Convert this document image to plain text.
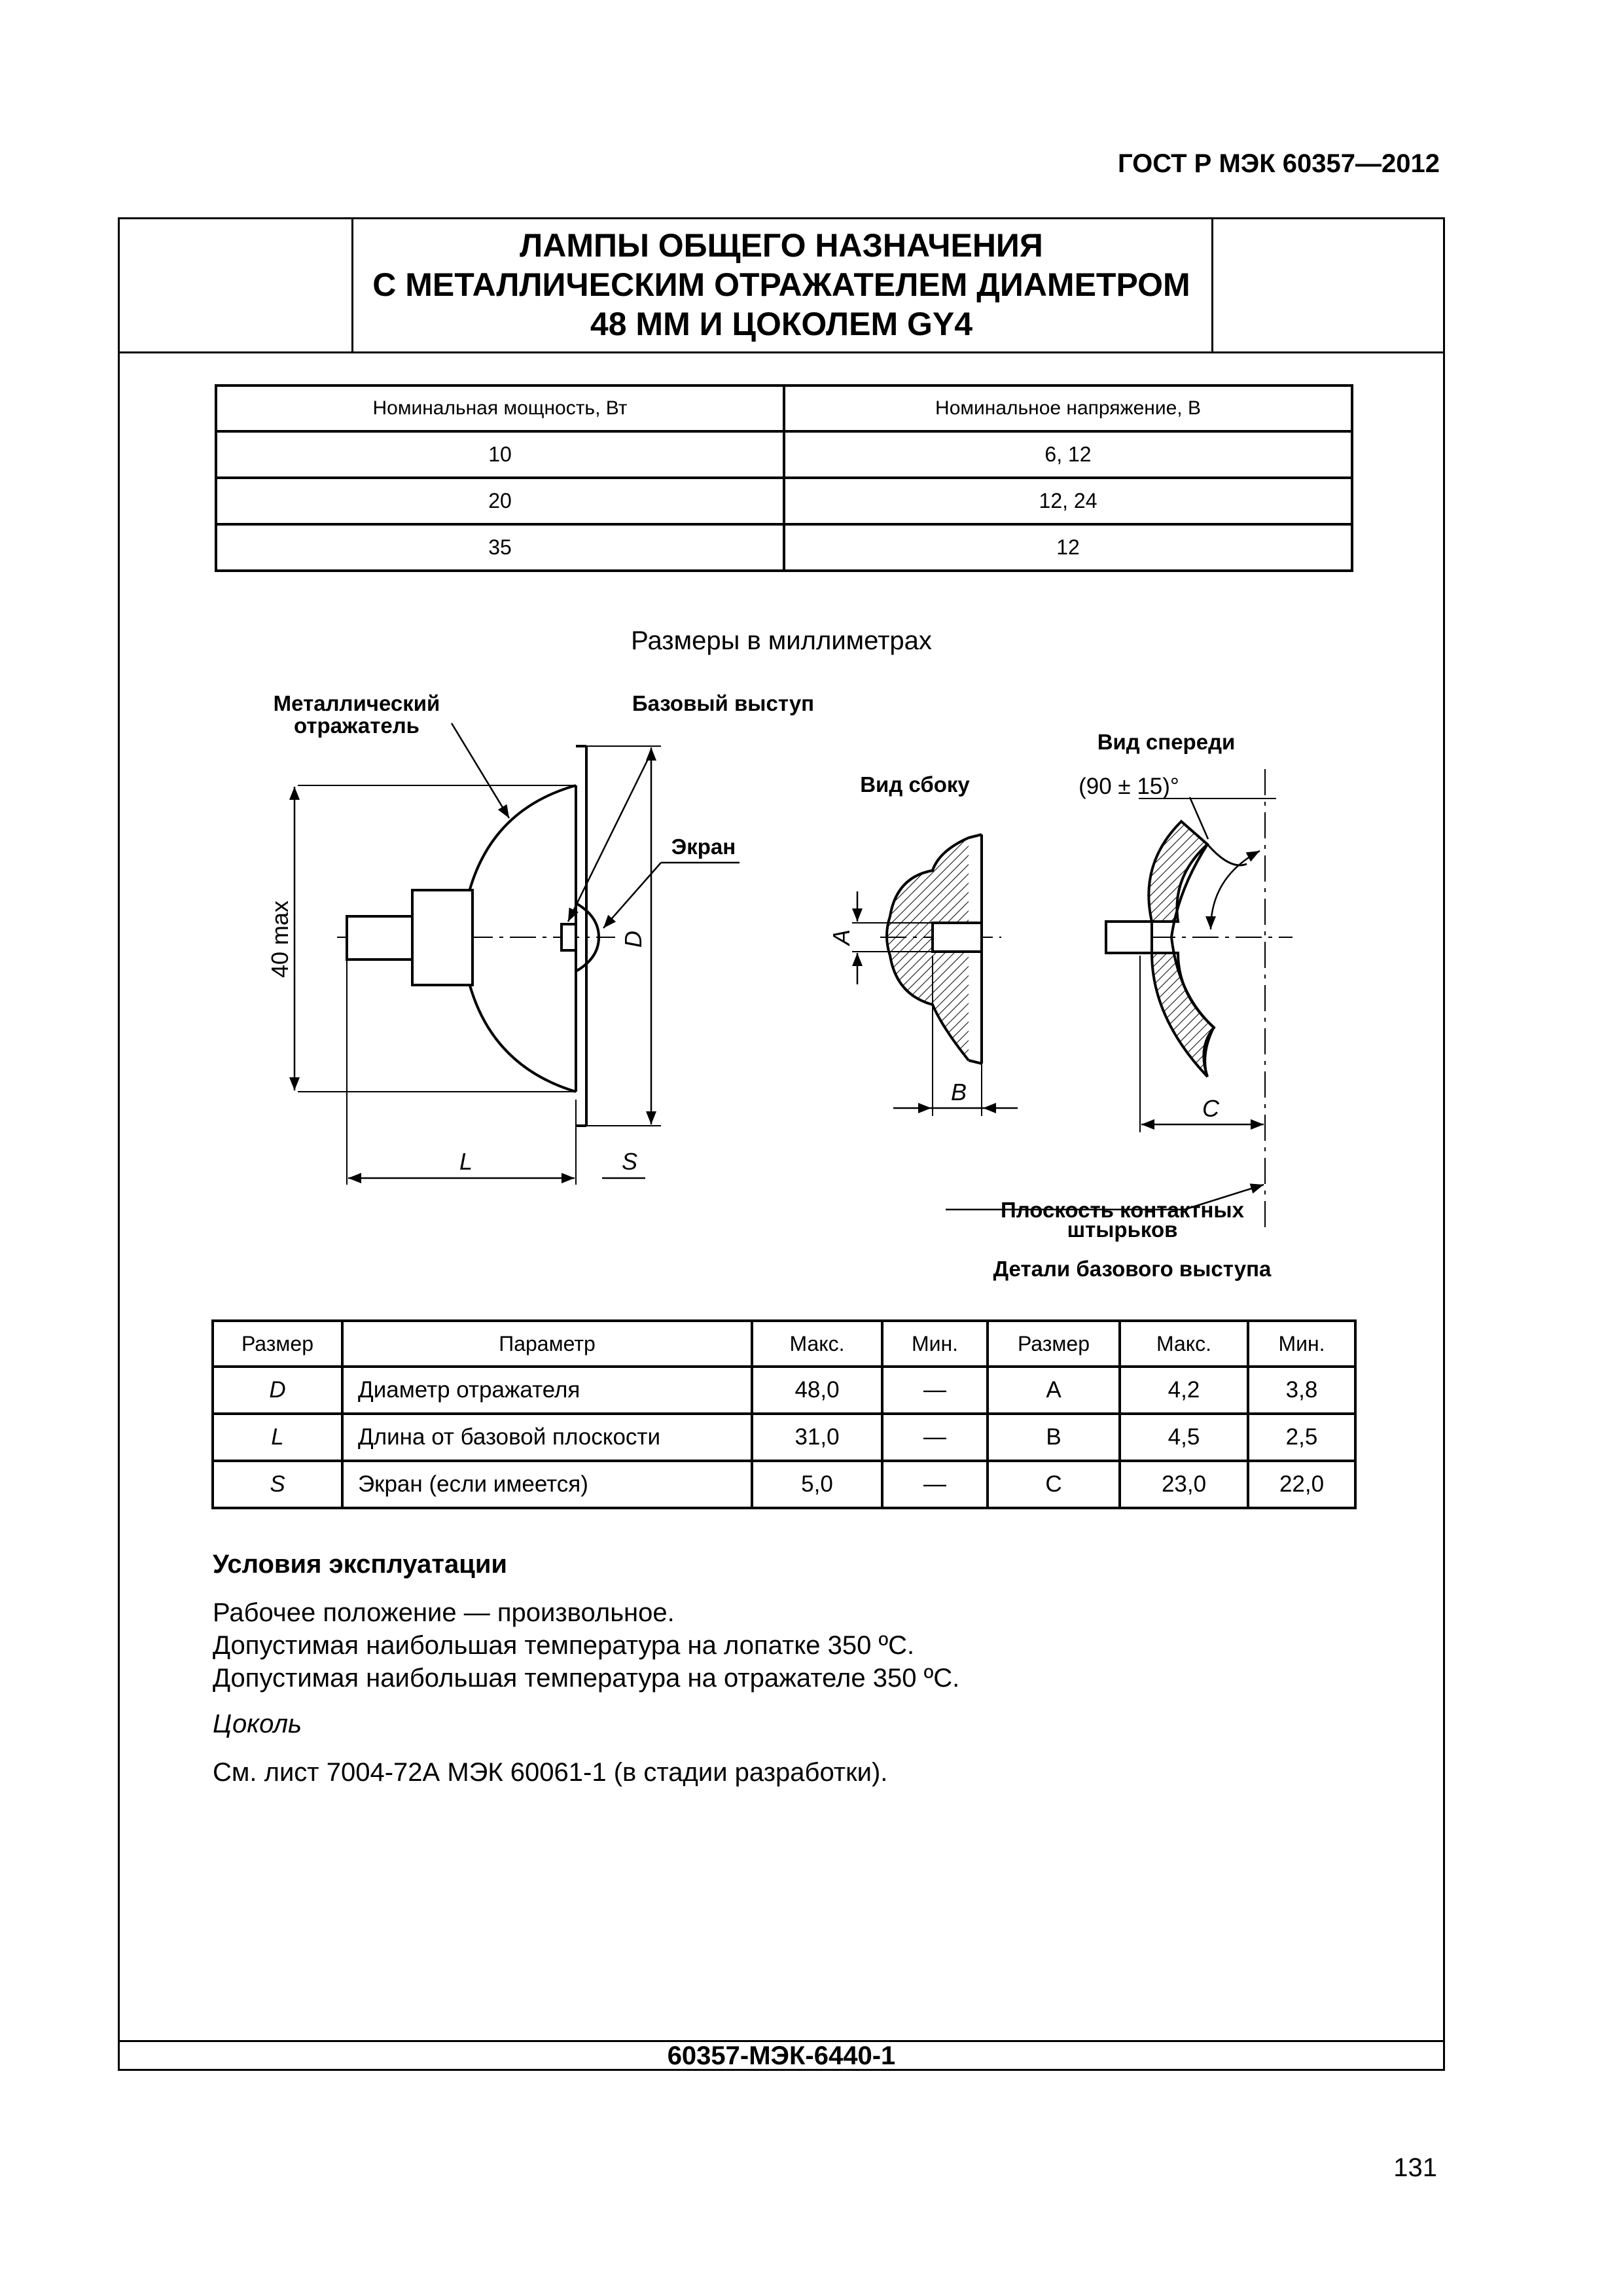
ГОСТ Р МЭК 60357—2012
ЛАМПЫ ОБЩЕГО НАЗНАЧЕНИЯ
С МЕТАЛЛИЧЕСКИМ ОТРАЖАТЕЛЕМ ДИАМЕТРОМ
48 ММ И ЦОКОЛЕМ GY4
Номинальная мощность, Вт	Номинальное напряжение, В
10	6, 12
20	12, 24
35	12
Размеры в миллиметрах
Размер	Параметр	Макс.	Мин.	Размер	Макс.	Мин.
D	Диаметр отражателя	48,0	—	A	4,2	3,8
L	Длина от базовой плоскости	31,0	—	B	4,5	2,5
S	Экран (если имеется)	5,0	—	C	23,0	22,0
Условия эксплуатации
Рабочее положение — произвольное.
Допустимая наибольшая температура на лопатке 350 ºС.
Допустимая наибольшая температура на отражателе 350 ºС.
Цоколь
См. лист 7004-72А МЭК 60061-1 (в стадии разработки).
60357-МЭК-6440-1
131
Металлический
отражатель
Базовый выступ
Экран
Вид спереди
Вид сбоку
Плоскость контактных
штырьков
Детали базового выступа
(90 ± 15)°
40 max	D
L	S
A
B
C
